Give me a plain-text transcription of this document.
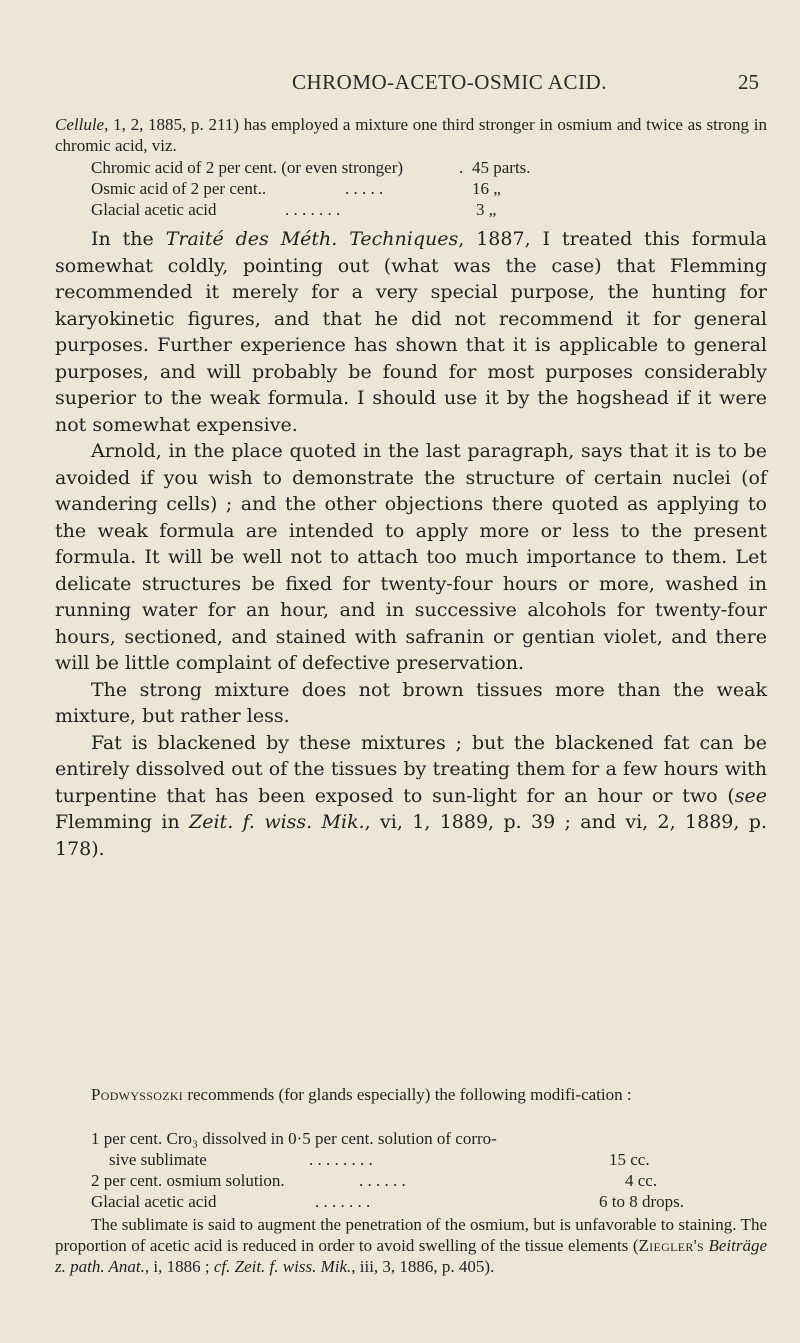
CHROMO-ACETO-OSMIC ACID.	25

Cellule, 1, 2, 1885, p. 211) has employed a mixture one third stronger in osmium and twice as strong in chromic acid, viz.

Chromic acid of 2 per cent. (or even stronger)	. 45 parts.
Osmic acid of 2 per cent..	. . . . .	16 „
Glacial acetic acid	. . . . . . .	3 „

In the Traité des Méth. Techniques, 1887, I treated this formula somewhat coldly, pointing out (what was the case) that Flemming recommended it merely for a very special purpose, the hunting for karyokinetic figures, and that he did not recommend it for general purposes. Further experience has shown that it is applicable to general purposes, and will probably be found for most purposes considerably superior to the weak formula. I should use it by the hogshead if it were not somewhat expensive.

Arnold, in the place quoted in the last paragraph, says that it is to be avoided if you wish to demonstrate the structure of certain nuclei (of wandering cells) ; and the other objections there quoted as applying to the weak formula are intended to apply more or less to the present formula. It will be well not to attach too much importance to them. Let delicate structures be fixed for twenty-four hours or more, washed in running water for an hour, and in successive alcohols for twenty-four hours, sectioned, and stained with safranin or gentian violet, and there will be little complaint of defective preservation.

The strong mixture does not brown tissues more than the weak mixture, but rather less.

Fat is blackened by these mixtures ; but the blackened fat can be entirely dissolved out of the tissues by treating them for a few hours with turpentine that has been exposed to sun-light for an hour or two (see Flemming in Zeit. f. wiss. Mik., vi, 1, 1889, p. 39 ; and vi, 2, 1889, p. 178).

Podwyssozki recommends (for glands especially) the following modifi-cation :

1 per cent. Cro₃ dissolved in 0·5 per cent. solution of corro-
sive sublimate	. . . . . . . .	15 cc.
2 per cent. osmium solution.	. . . . . .	4 cc.
Glacial acetic acid	. . . . . . .	6 to 8 drops.

The sublimate is said to augment the penetration of the osmium, but is unfavorable to staining. The proportion of acetic acid is reduced in order to avoid swelling of the tissue elements (Ziegler's Beiträge z. path. Anat., i, 1886 ; cf. Zeit. f. wiss. Mik., iii, 3, 1886, p. 405).
